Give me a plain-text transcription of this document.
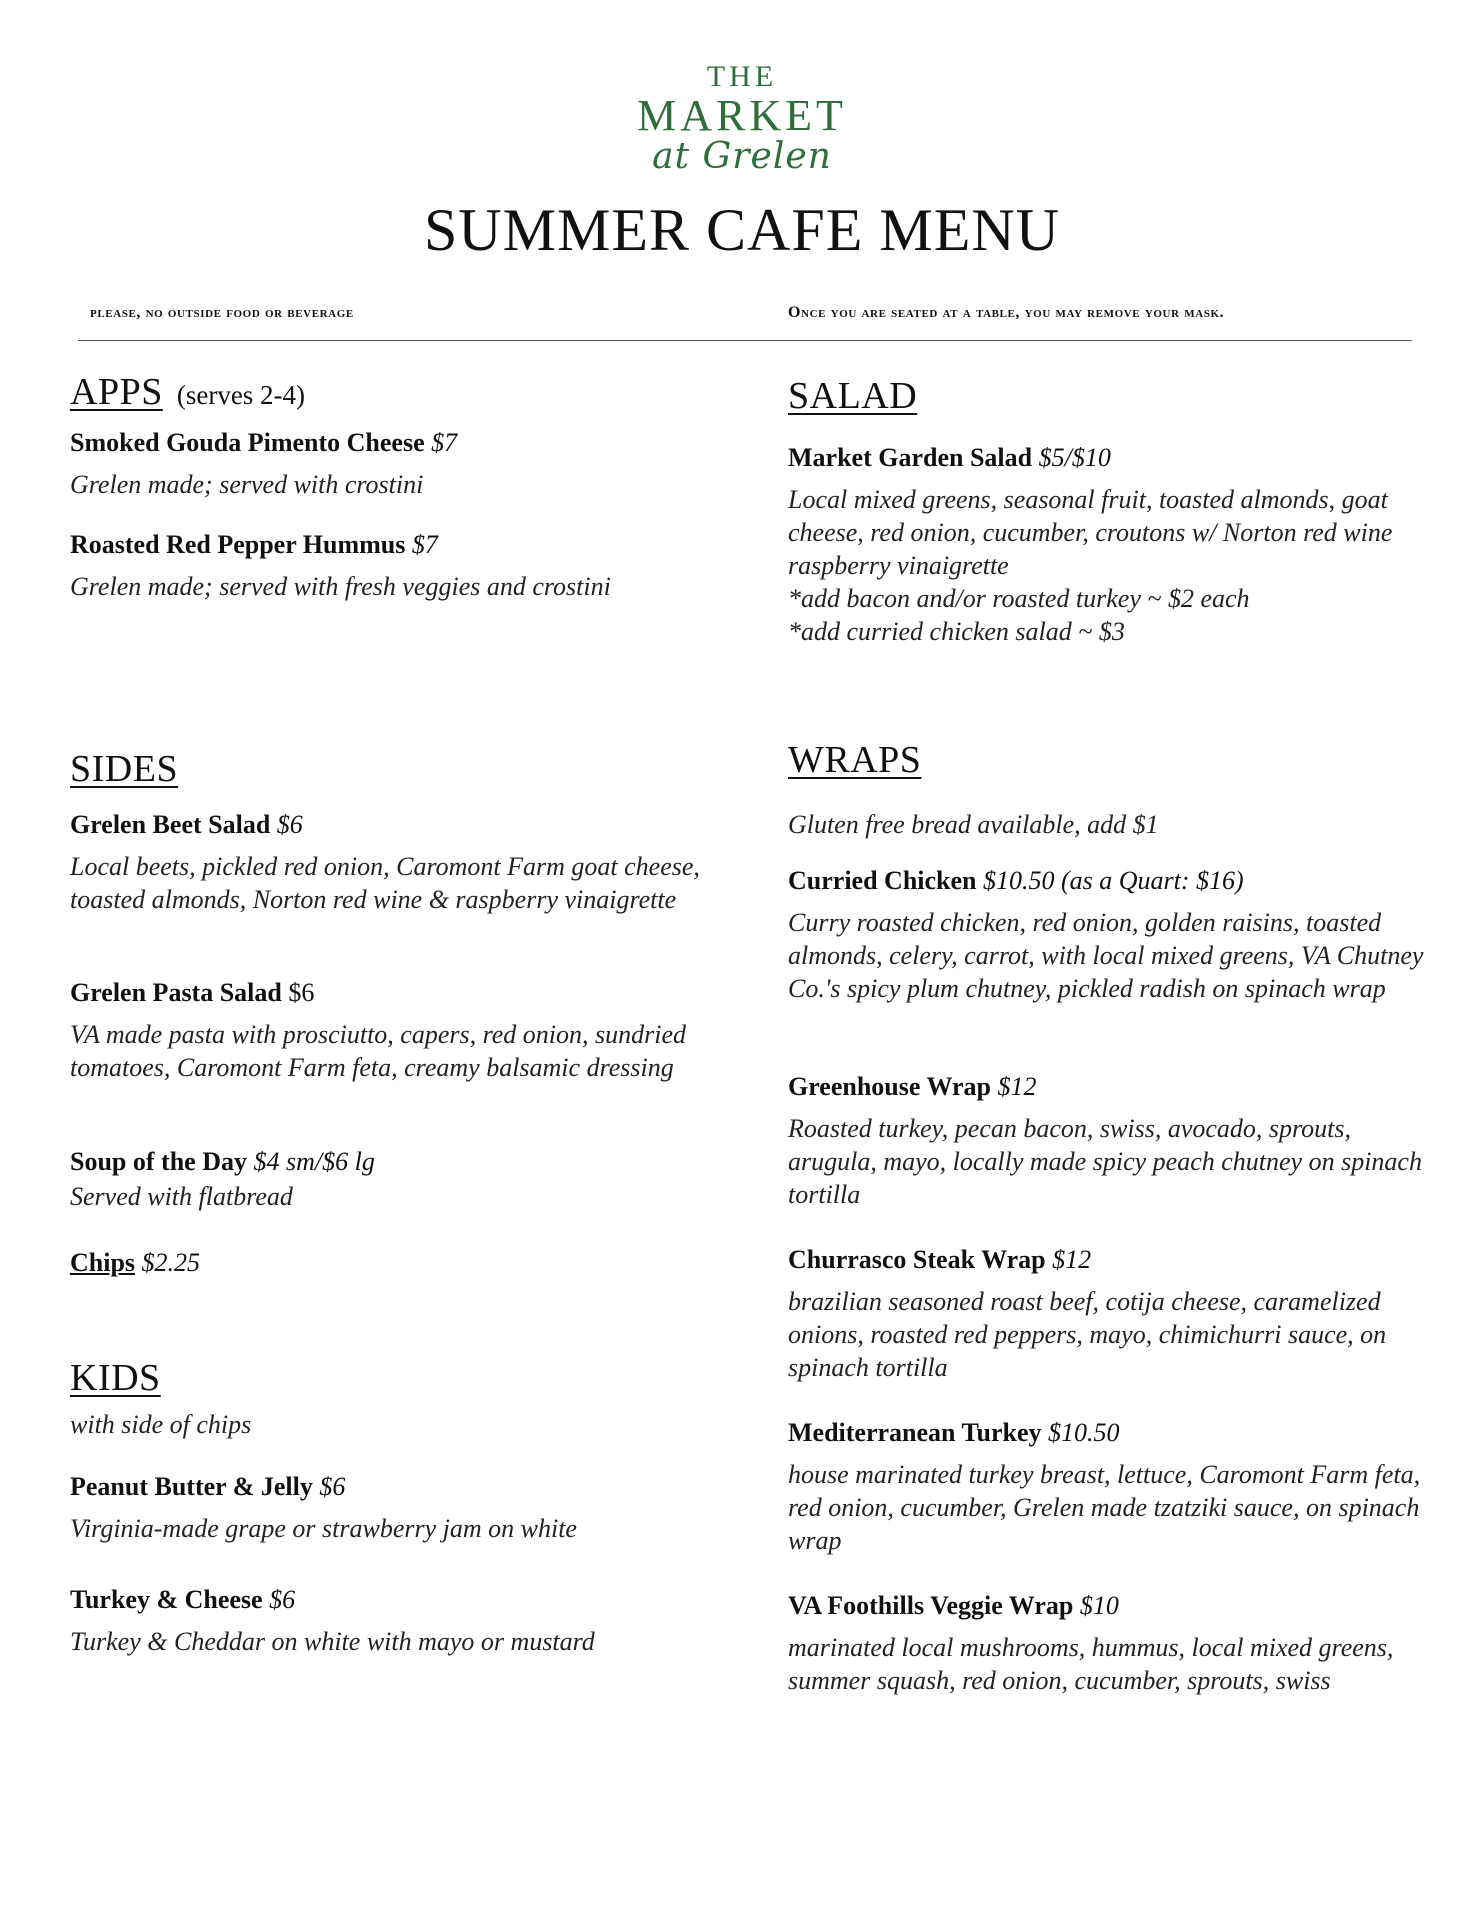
THE
MARKET
at Grelen
SUMMER CAFE MENU
please, no outside food or beverage	Once you are seated at a table, you may remove your mask.
APPS (serves 2-4)
Smoked Gouda Pimento Cheese $7
Grelen made; served with crostini
Roasted Red Pepper Hummus $7
Grelen made; served with fresh veggies and crostini
SALAD
Market Garden Salad $5/$10
Local mixed greens, seasonal fruit, toasted almonds, goat cheese, red onion, cucumber, croutons w/ Norton red wine raspberry vinaigrette
*add bacon and/or roasted turkey ~ $2 each
*add curried chicken salad ~ $3
SIDES
Grelen Beet Salad $6
Local beets, pickled red onion, Caromont Farm goat cheese, toasted almonds, Norton red wine & raspberry vinaigrette
Grelen Pasta Salad $6
VA made pasta with prosciutto, capers, red onion, sundried tomatoes, Caromont Farm feta, creamy balsamic dressing
Soup of the Day $4 sm/$6 lg
Served with flatbread
Chips $2.25
KIDS
with side of chips
Peanut Butter & Jelly $6
Virginia-made grape or strawberry jam on white
Turkey & Cheese $6
Turkey & Cheddar on white with mayo or mustard
WRAPS
Gluten free bread available, add $1
Curried Chicken $10.50 (as a Quart: $16)
Curry roasted chicken, red onion, golden raisins, toasted almonds, celery, carrot, with local mixed greens, VA Chutney Co.'s spicy plum chutney, pickled radish on spinach wrap
Greenhouse Wrap $12
Roasted turkey, pecan bacon, swiss, avocado, sprouts, arugula, mayo, locally made spicy peach chutney on spinach tortilla
Churrasco Steak Wrap $12
brazilian seasoned roast beef, cotija cheese, caramelized onions, roasted red peppers, mayo, chimichurri sauce, on spinach tortilla
Mediterranean Turkey $10.50
house marinated turkey breast, lettuce, Caromont Farm feta, red onion, cucumber, Grelen made tzatziki sauce, on spinach wrap
VA Foothills Veggie Wrap $10
marinated local mushrooms, hummus, local mixed greens, summer squash, red onion, cucumber, sprouts, swiss
